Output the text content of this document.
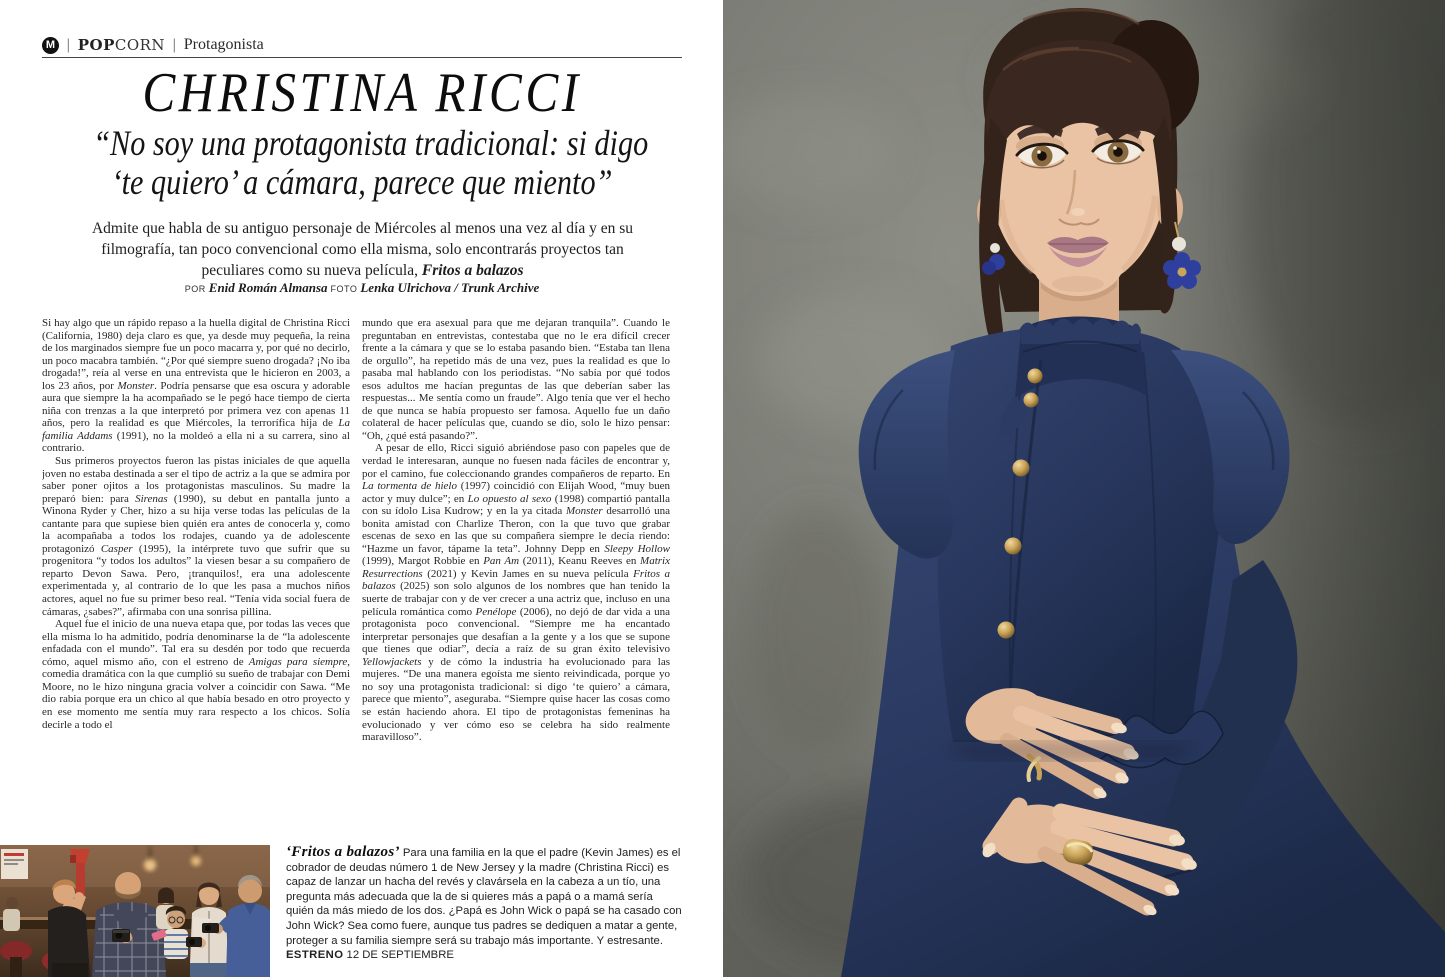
M | POPCORN | Protagonista
CHRISTINA RICCI
“No soy una protagonista tradicional: si digo
‘te quiero’ a cámara, parece que miento”
Admite que habla de su antiguo personaje de Miércoles al menos una vez al día y en su filmografía, tan poco convencional como ella misma, solo encontrarás proyectos tan peculiares como su nueva película, Fritos a balazos
POR Enid Román Almansa FOTO Lenka Ulrichova / Trunk Archive

Si hay algo que un rápido repaso a la huella digital de Christina Ricci (California, 1980) deja claro es que, ya desde muy pequeña, la reina de los marginados siempre fue un poco macarra y, por qué no decirlo, un poco macabra también. “¿Por qué siempre sueno drogada? ¡No iba drogada!”, reía al verse en una entrevista que le hicieron en 2003, a los 23 años, por Monster. Podría pensarse que esa oscura y adorable aura que siempre la ha acompañado se le pegó hace tiempo de cierta niña con trenzas a la que interpretó por primera vez con apenas 11 años, pero la realidad es que Miércoles, la terrorífica hija de La familia Addams (1991), no la moldeó a ella ni a su carrera, sino al contrario.

Sus primeros proyectos fueron las pistas iniciales de que aquella joven no estaba destinada a ser el tipo de actriz a la que se admira por saber poner ojitos a los protagonistas masculinos. Su madre la preparó bien: para Sirenas (1990), su debut en pantalla junto a Winona Ryder y Cher, hizo a su hija verse todas las películas de la cantante para que supiese bien quién era antes de conocerla y, como la acompañaba a todos los rodajes, cuando ya de adolescente protagonizó Casper (1995), la intérprete tuvo que sufrir que su progenitora “y todos los adultos” la viesen besar a su compañero de reparto Devon Sawa. Pero, ¡tranquilos!, era una adolescente experimentada y, al contrario de lo que les pasa a muchos niños actores, aquel no fue su primer beso real. “Tenía vida social fuera de cámaras, ¿sabes?”, afirmaba con una sonrisa pillina.

Aquel fue el inicio de una nueva etapa que, por todas las veces que ella misma lo ha admitido, podría denominarse la de “la adolescente enfadada con el mundo”. Tal era su desdén por todo que recuerda cómo, aquel mismo año, con el estreno de Amigas para siempre, comedia dramática con la que cumplió su sueño de trabajar con Demi Moore, no le hizo ninguna gracia volver a coincidir con Sawa. “Me dio rabia porque era un chico al que había besado en otro proyecto y en ese momento me sentía muy rara respecto a los chicos. Solía decirle a todo el

mundo que era asexual para que me dejaran tranquila”. Cuando le preguntaban en entrevistas, contestaba que no le era difícil crecer frente a la cámara y que se lo estaba pasando bien. “Estaba tan llena de orgullo”, ha repetido más de una vez, pues la realidad es que lo pasaba mal hablando con los periodistas. “No sabía por qué todos esos adultos me hacían preguntas de las que deberían saber las respuestas... Me sentía como un fraude”. Algo tenía que ver el hecho de que nunca se había propuesto ser famosa. Aquello fue un daño colateral de hacer películas que, cuando se dio, solo le hizo pensar: “Oh, ¿qué está pasando?”.

A pesar de ello, Ricci siguió abriéndose paso con papeles que de verdad le interesaran, aunque no fuesen nada fáciles de encontrar y, por el camino, fue coleccionando grandes compañeros de reparto. En La tormenta de hielo (1997) coincidió con Elijah Wood, “muy buen actor y muy dulce”; en Lo opuesto al sexo (1998) compartió pantalla con su ídolo Lisa Kudrow; y en la ya citada Monster desarrolló una bonita amistad con Charlize Theron, con la que tuvo que grabar escenas de sexo en las que su compañera siempre le decía riendo: “Hazme un favor, tápame la teta”. Johnny Depp en Sleepy Hollow (1999), Margot Robbie en Pan Am (2011), Keanu Reeves en Matrix Resurrections (2021) y Kevin James en su nueva película Fritos a balazos (2025) son solo algunos de los nombres que han tenido la suerte de trabajar con y de ver crecer a una actriz que, incluso en una película romántica como Penélope (2006), no dejó de dar vida a una protagonista poco convencional. “Siempre me ha encantado interpretar personajes que desafían a la gente y a los que se supone que tienes que odiar”, decía a raíz de su gran éxito televisivo Yellowjackets y de cómo la industria ha evolucionado para las mujeres. “De una manera egoísta me siento reivindicada, porque yo no soy una protagonista tradicional: si digo ‘te quiero’ a cámara, parece que miento”, aseguraba. “Siempre quise hacer las cosas como se están haciendo ahora. El tipo de protagonistas femeninas ha evolucionado y ver cómo eso se celebra ha sido realmente maravilloso”.

‘Fritos a balazos’ Para una familia en la que el padre (Kevin James) es el cobrador de deudas número 1 de New Jersey y la madre (Christina Ricci) es capaz de lanzar un hacha del revés y clavársela en la cabeza a un tío, una pregunta más adecuada que la de si quieres más a papá o a mamá sería quién da más miedo de los dos. ¿Papá es John Wick o papá se ha casado con John Wick? Sea como fuere, aunque tus padres se dediquen a matar a gente, proteger a su familia siempre será su trabajo más importante. Y estresante. ESTRENO 12 DE SEPTIEMBRE
